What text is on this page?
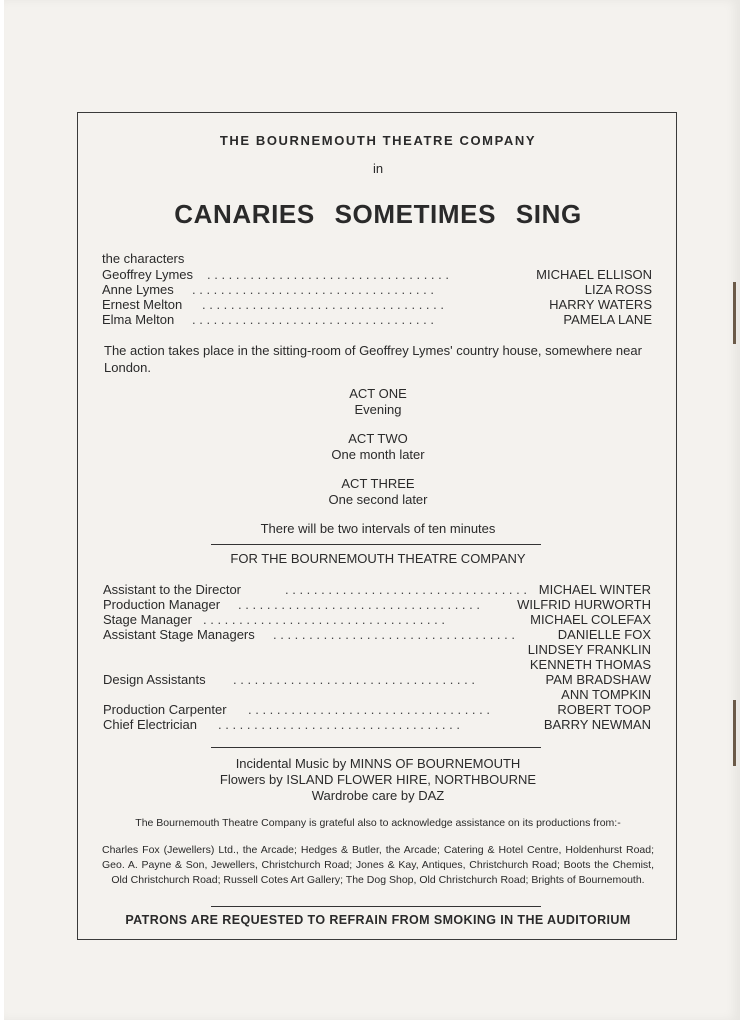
THE BOURNEMOUTH THEATRE COMPANY
in
CANARIES SOMETIMES SING
the characters
Geoffrey Lymes . . . . . . . . . . . . . . . . . . . . . . . . . . . . . . . . . .	MICHAEL ELLISON
Anne Lymes . . . . . . . . . . . . . . . . . . . . . . . . . . . . . . . . . .	LIZA ROSS
Ernest Melton . . . . . . . . . . . . . . . . . . . . . . . . . . . . . . . . . .	HARRY WATERS
Elma Melton . . . . . . . . . . . . . . . . . . . . . . . . . . . . . . . . . .	PAMELA LANE
The action takes place in the sitting-room of Geoffrey Lymes' country house, somewhere near London.
ACT ONE
Evening
ACT TWO
One month later
ACT THREE
One second later
There will be two intervals of ten minutes
FOR THE BOURNEMOUTH THEATRE COMPANY
Assistant to the Director	. . . . . . . . . . . . . . . . . . . . . . . . . . . . . . . . . . MICHAEL WINTER
Production Manager . . . . . . . . . . . . . . . . . . . . . . . . . . . . . . . . . .	WILFRID HURWORTH
Stage Manager . . . . . . . . . . . . . . . . . . . . . . . . . . . . . . . . . .	MICHAEL COLEFAX
Assistant Stage Managers . . . . . . . . . . . . . . . . . . . . . . . . . . . . . . . . . .	DANIELLE FOX
LINDSEY FRANKLIN
KENNETH THOMAS
Design Assistants . . . . . . . . . . . . . . . . . . . . . . . . . . . . . . . . . .	PAM BRADSHAW
ANN TOMPKIN
Production Carpenter . . . . . . . . . . . . . . . . . . . . . . . . . . . . . . . . . .	ROBERT TOOP
Chief Electrician . . . . . . . . . . . . . . . . . . . . . . . . . . . . . . . . . .	BARRY NEWMAN
Incidental Music by MINNS OF BOURNEMOUTH
Flowers by ISLAND FLOWER HIRE, NORTHBOURNE
Wardrobe care by DAZ
The Bournemouth Theatre Company is grateful also to acknowledge assistance on its productions from:-
Charles Fox (Jewellers) Ltd., the Arcade; Hedges & Butler, the Arcade; Catering & Hotel Centre, Holdenhurst Road; Geo. A. Payne & Son, Jewellers, Christchurch Road; Jones & Kay, Antiques, Christchurch Road; Boots the Chemist, Old Christchurch Road; Russell Cotes Art Gallery; The Dog Shop, Old Christchurch Road; Brights of Bournemouth.
PATRONS ARE REQUESTED TO REFRAIN FROM SMOKING IN THE AUDITORIUM
